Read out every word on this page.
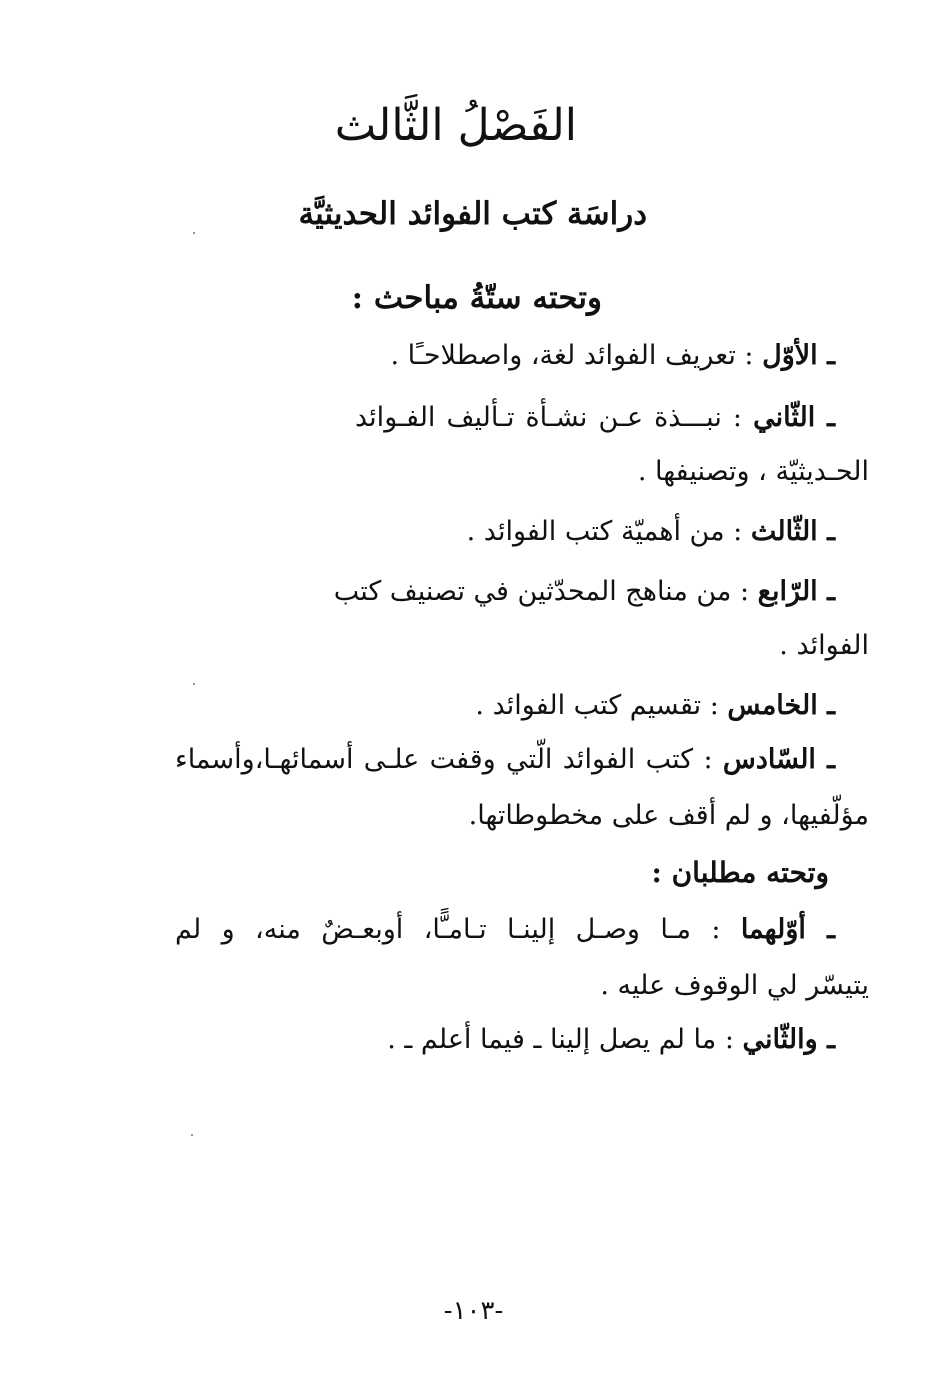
الفَصْلُ الثَّالث
دراسَة كتب الفوائد الحديثيَّة
وتحته ستّةُ مباحث :
ـ الأوّل : تعريف الفوائد لغة، واصطلاحـًا .
ـ الثّاني : نبـــذة عـن نشـأة تـأليف الفـوائد
الحـديثيّة ، وتصنيفها .
ـ الثّالث : من أهميّة كتب الفوائد .
ـ الرّابع : من مناهج المحدّثين في تصنيف كتب
الفوائد .
ـ الخامس : تقسيم كتب الفوائد .
ـ السّادس : كتب الفوائد الّتي وقفت علـى أسمائهـا،وأسماء
مؤلّفيها، و لم أقف على مخطوطاتها.
وتحته مطلبان :
ـ أوّلهما : مـا وصـل إلينـا تـامـًّا، أوبعـضٌ منه، و لم
يتيسّر لي الوقوف عليه .
ـ والثّاني : ما لم يصل إلينا ـ فيما أعلم ـ .
-١٠٣-
